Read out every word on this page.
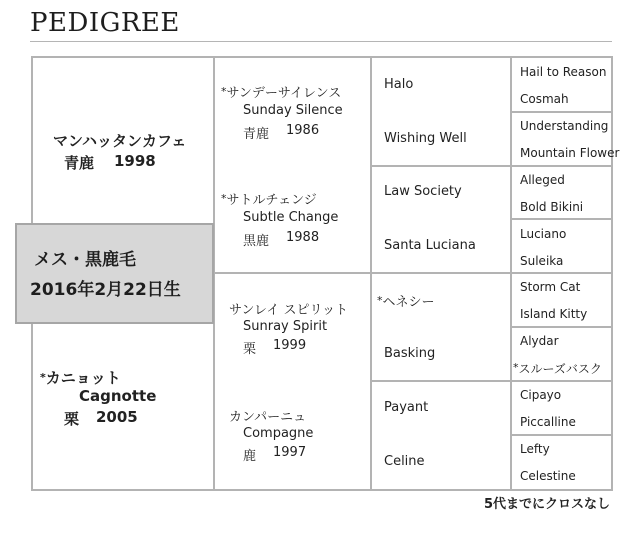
PEDIGREE
メス・黒鹿毛
2016年2月22日生
マンハッタンカフェ
青鹿 1998
*カニョット
Cagnotte
栗 2005
*サンデーサイレンス
Sunday Silence
青鹿 1986
*サトルチェンジ
Subtle Change
黒鹿 1988
サンレイ スピリット
Sunray Spirit
栗 1999
カンパーニュ
Compagne
鹿 1997
Halo
Wishing Well
Law Society
Santa Luciana
*ヘネシー
Basking
Payant
Celine
Hail to Reason
Cosmah
Understanding
Mountain Flower
Alleged
Bold Bikini
Luciano
Suleika
Storm Cat
Island Kitty
Alydar
*スルーズバスク
Cipayo
Piccalline
Lefty
Celestine
5代までにクロスなし
